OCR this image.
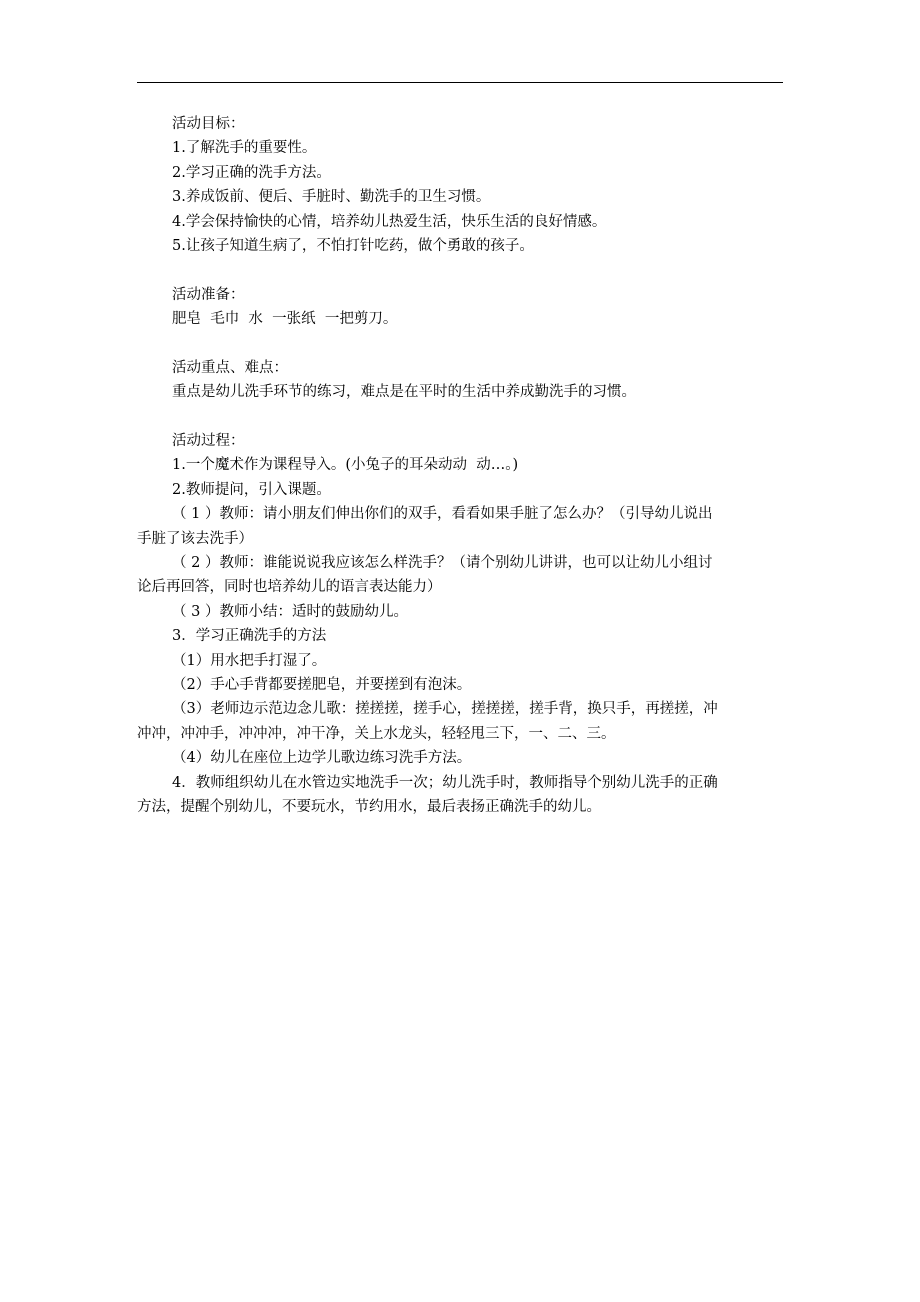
活动目标：
1.了解洗手的重要性。
2.学习正确的洗手方法。
3.养成饭前、便后、手脏时、勤洗手的卫生习惯。
4.学会保持愉快的心情，培养幼儿热爱生活，快乐生活的良好情感。
5.让孩子知道生病了，不怕打针吃药，做个勇敢的孩子。
活动准备：
肥皂  毛巾  水  一张纸  一把剪刀。
活动重点、难点：
重点是幼儿洗手环节的练习，难点是在平时的生活中养成勤洗手的习惯。
活动过程：
1.一个魔术作为课程导入。(小兔子的耳朵动动  动…。)
2.教师提问，引入课题。
（ 1 ）教师：请小朋友们伸出你们的双手，看看如果手脏了怎么办？（引导幼儿说出
手脏了该去洗手）
（ 2 ）教师：谁能说说我应该怎么样洗手？（请个别幼儿讲讲，也可以让幼儿小组讨
论后再回答，同时也培养幼儿的语言表达能力）
（ 3 ）教师小结：适时的鼓励幼儿。
3．学习正确洗手的方法
（1）用水把手打湿了。
（2）手心手背都要搓肥皂，并要搓到有泡沫。
（3）老师边示范边念儿歌：搓搓搓，搓手心，搓搓搓，搓手背，换只手，再搓搓，冲
冲冲，冲冲手，冲冲冲，冲干净，关上水龙头，轻轻甩三下，一、二、三。
（4）幼儿在座位上边学儿歌边练习洗手方法。
4．教师组织幼儿在水管边实地洗手一次；幼儿洗手时，教师指导个别幼儿洗手的正确
方法，提醒个别幼儿，不要玩水，节约用水，最后表扬正确洗手的幼儿。
